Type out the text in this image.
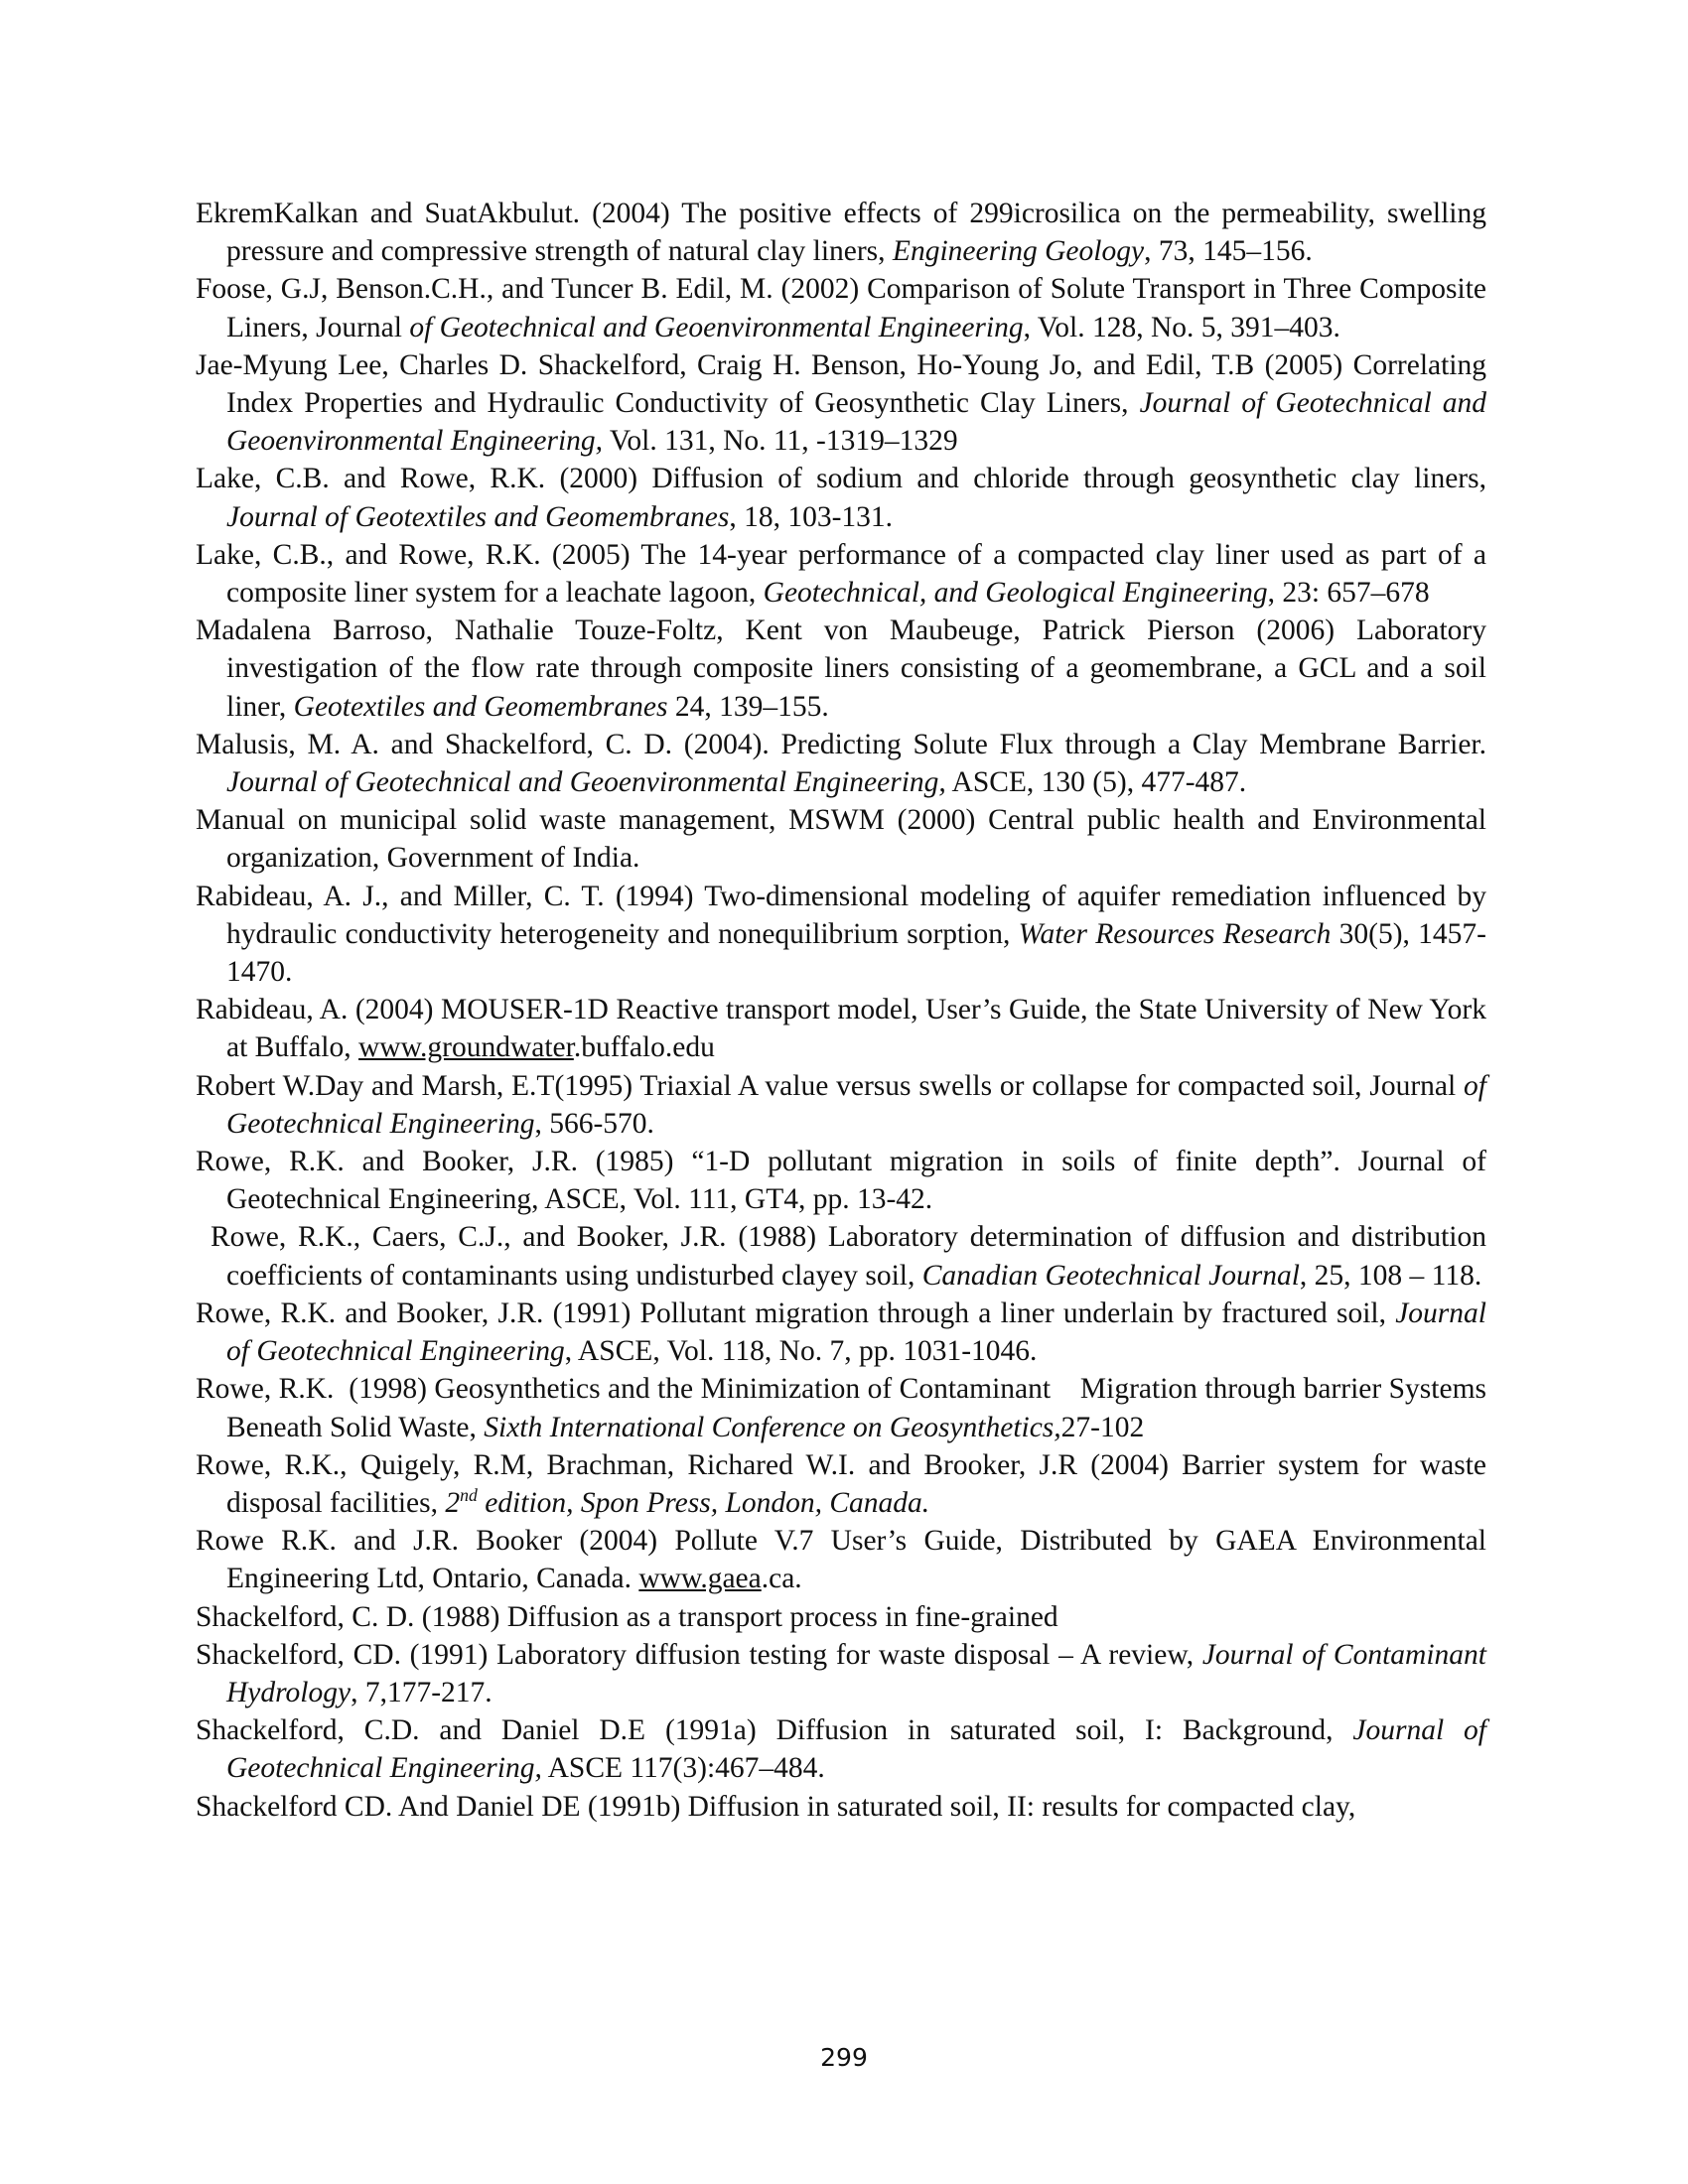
EkremKalkan and SuatAkbulut. (2004) The positive effects of 299icrosilica on the permeability, swelling pressure and compressive strength of natural clay liners, Engineering Geology, 73, 145–156.

Foose, G.J, Benson.C.H., and Tuncer B. Edil, M. (2002) Comparison of Solute Transport in Three Composite Liners, Journal of Geotechnical and Geoenvironmental Engineering, Vol. 128, No. 5, 391–403.

Jae-Myung Lee, Charles D. Shackelford, Craig H. Benson, Ho-Young Jo, and Edil, T.B (2005) Correlating Index Properties and Hydraulic Conductivity of Geosynthetic Clay Liners, Journal of Geotechnical and Geoenvironmental Engineering, Vol. 131, No. 11, -1319–1329

Lake, C.B. and Rowe, R.K. (2000) Diffusion of sodium and chloride through geosynthetic clay liners, Journal of Geotextiles and Geomembranes, 18, 103-131.

Lake, C.B., and Rowe, R.K. (2005) The 14-year performance of a compacted clay liner used as part of a composite liner system for a leachate lagoon, Geotechnical, and Geological Engineering, 23: 657–678

Madalena Barroso, Nathalie Touze-Foltz, Kent von Maubeuge, Patrick Pierson (2006) Laboratory investigation of the flow rate through composite liners consisting of a geomembrane, a GCL and a soil liner, Geotextiles and Geomembranes 24, 139–155.

Malusis, M. A. and Shackelford, C. D. (2004). Predicting Solute Flux through a Clay Membrane Barrier. Journal of Geotechnical and Geoenvironmental Engineering, ASCE, 130 (5), 477-487.

Manual on municipal solid waste management, MSWM (2000) Central public health and Environmental organization, Government of India.

Rabideau, A. J., and Miller, C. T. (1994) Two-dimensional modeling of aquifer remediation influenced by hydraulic conductivity heterogeneity and nonequilibrium sorption, Water Resources Research 30(5), 1457-1470.

Rabideau, A. (2004) MOUSER-1D Reactive transport model, User’s Guide, the State University of New York at Buffalo, www.groundwater.buffalo.edu

Robert W.Day and Marsh, E.T(1995) Triaxial A value versus swells or collapse for compacted soil, Journal of Geotechnical Engineering, 566-570.

Rowe, R.K. and Booker, J.R. (1985) “1-D pollutant migration in soils of finite depth”. Journal of Geotechnical Engineering, ASCE, Vol. 111, GT4, pp. 13-42.

Rowe, R.K., Caers, C.J., and Booker, J.R. (1988) Laboratory determination of diffusion and distribution coefficients of contaminants using undisturbed clayey soil, Canadian Geotechnical Journal, 25, 108 – 118.

Rowe, R.K. and Booker, J.R. (1991) Pollutant migration through a liner underlain by fractured soil, Journal of Geotechnical Engineering, ASCE, Vol. 118, No. 7, pp. 1031-1046.

Rowe, R.K.  (1998) Geosynthetics and the Minimization of Contaminant    Migration through barrier Systems Beneath Solid Waste, Sixth International Conference on Geosynthetics,27-102

Rowe, R.K., Quigely, R.M, Brachman, Richared W.I. and Brooker, J.R (2004) Barrier system for waste disposal facilities, 2nd edition, Spon Press, London, Canada.

Rowe R.K. and J.R. Booker (2004) Pollute V.7 User’s Guide, Distributed by GAEA Environmental Engineering Ltd, Ontario, Canada. www.gaea.ca.

Shackelford, C. D. (1988) Diffusion as a transport process in fine-grained

Shackelford, CD. (1991) Laboratory diffusion testing for waste disposal – A review, Journal of Contaminant Hydrology, 7,177-217.

Shackelford, C.D. and Daniel D.E (1991a) Diffusion in saturated soil, I: Background, Journal of Geotechnical Engineering, ASCE 117(3):467–484.

Shackelford CD. And Daniel DE (1991b) Diffusion in saturated soil, II: results for compacted clay,

299
